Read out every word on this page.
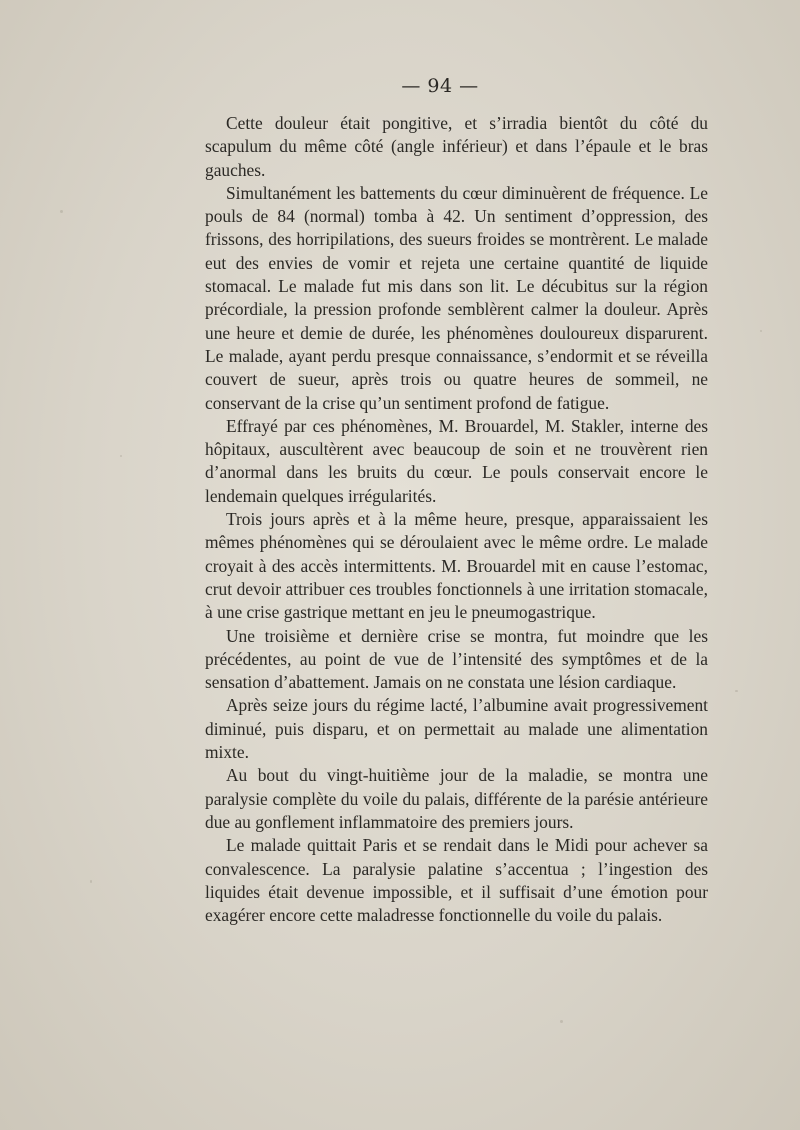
— 94 —

Cette douleur était pongitive, et s’irradia bientôt du côté du scapulum du même côté (angle inférieur) et dans l’épaule et le bras gauches.

Simultanément les battements du cœur diminuèrent de fréquence. Le pouls de 84 (normal) tomba à 42. Un sentiment d’oppression, des frissons, des horripilations, des sueurs froides se montrèrent. Le malade eut des envies de vomir et rejeta une certaine quantité de liquide stomacal. Le malade fut mis dans son lit. Le décubitus sur la région précordiale, la pression profonde semblèrent calmer la douleur. Après une heure et demie de durée, les phénomènes douloureux disparurent. Le malade, ayant perdu presque connaissance, s’endormit et se réveilla couvert de sueur, après trois ou quatre heures de sommeil, ne conservant de la crise qu’un sentiment profond de fatigue.

Effrayé par ces phénomènes, M. Brouardel, M. Stakler, interne des hôpitaux, auscultèrent avec beaucoup de soin et ne trouvèrent rien d’anormal dans les bruits du cœur. Le pouls conservait encore le lendemain quelques irrégularités.

Trois jours après et à la même heure, presque, apparaissaient les mêmes phénomènes qui se déroulaient avec le même ordre. Le malade croyait à des accès intermittents. M. Brouardel mit en cause l’estomac, crut devoir attribuer ces troubles fonctionnels à une irritation stomacale, à une crise gastrique mettant en jeu le pneumogastrique.

Une troisième et dernière crise se montra, fut moindre que les précédentes, au point de vue de l’intensité des symptômes et de la sensation d’abattement. Jamais on ne constata une lésion cardiaque.

Après seize jours du régime lacté, l’albumine avait progressivement diminué, puis disparu, et on permettait au malade une alimentation mixte.

Au bout du vingt-huitième jour de la maladie, se montra une paralysie complète du voile du palais, différente de la parésie antérieure due au gonflement inflammatoire des premiers jours.

Le malade quittait Paris et se rendait dans le Midi pour achever sa convalescence. La paralysie palatine s’accentua ; l’ingestion des liquides était devenue impossible, et il suffisait d’une émotion pour exagérer encore cette maladresse fonctionnelle du voile du palais.
